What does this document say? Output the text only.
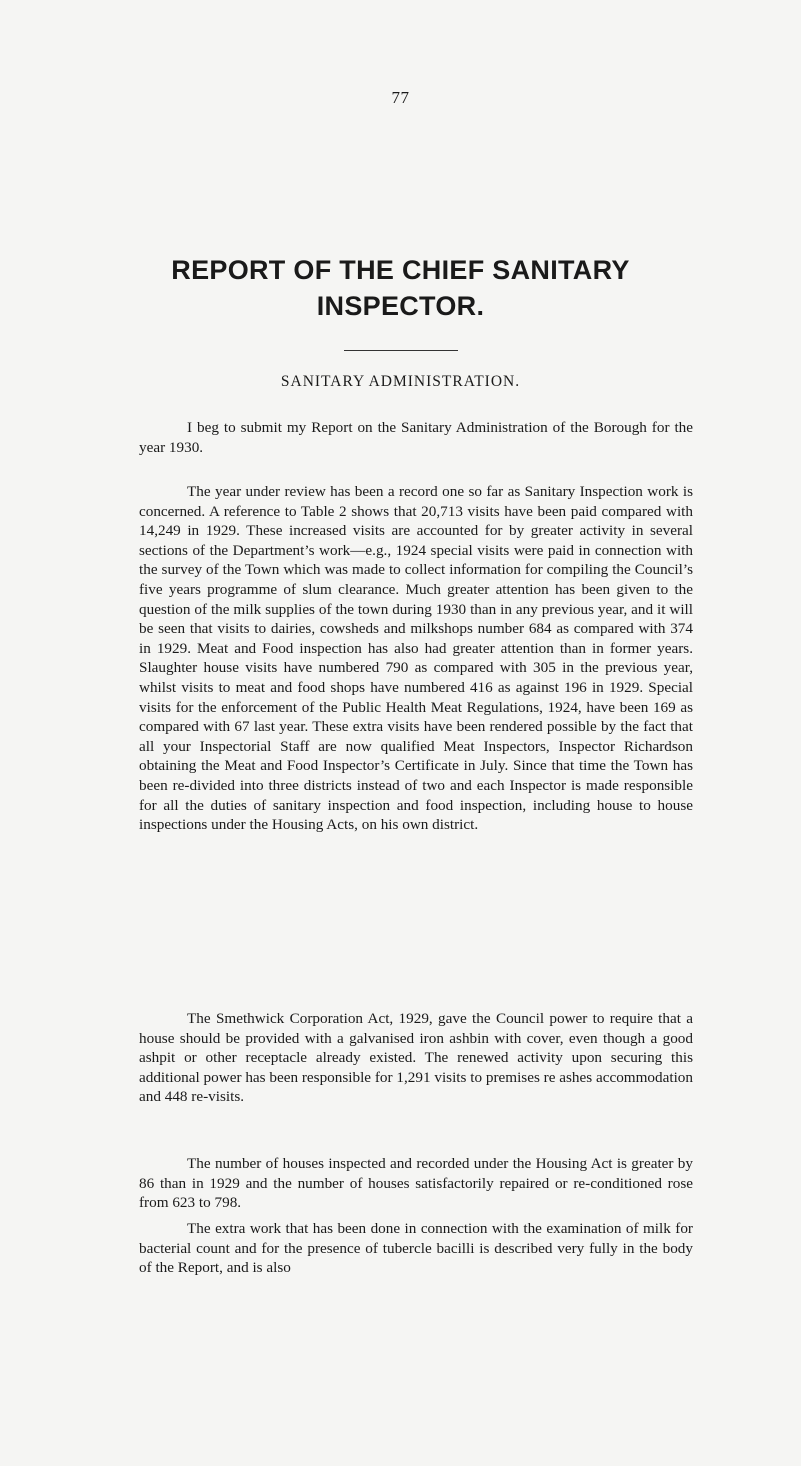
77
REPORT OF THE CHIEF SANITARY
INSPECTOR.
SANITARY ADMINISTRATION.

I beg to submit my Report on the Sanitary Administration of the Borough for the year 1930.

The year under review has been a record one so far as Sanitary Inspection work is concerned. A reference to Table 2 shows that 20,713 visits have been paid compared with 14,249 in 1929. These increased visits are accounted for by greater activity in several sections of the Department’s work—e.g., 1924 special visits were paid in connection with the survey of the Town which was made to collect information for compiling the Council’s five years programme of slum clearance. Much greater attention has been given to the question of the milk supplies of the town during 1930 than in any previous year, and it will be seen that visits to dairies, cowsheds and milkshops number 684 as compared with 374 in 1929. Meat and Food inspection has also had greater attention than in former years. Slaughter house visits have numbered 790 as compared with 305 in the previous year, whilst visits to meat and food shops have numbered 416 as against 196 in 1929. Special visits for the enforcement of the Public Health Meat Regulations, 1924, have been 169 as compared with 67 last year. These extra visits have been rendered possible by the fact that all your Inspectorial Staff are now qualified Meat Inspectors, Inspector Richardson obtaining the Meat and Food Inspector’s Certificate in July. Since that time the Town has been re-divided into three districts instead of two and each Inspector is made responsible for all the duties of sanitary inspection and food inspection, including house to house inspections under the Housing Acts, on his own district.

The Smethwick Corporation Act, 1929, gave the Council power to require that a house should be provided with a galvanised iron ashbin with cover, even though a good ashpit or other receptacle already existed. The renewed activity upon securing this additional power has been responsible for 1,291 visits to premises re ashes accommodation and 448 re-visits.

The number of houses inspected and recorded under the Housing Act is greater by 86 than in 1929 and the number of houses satisfactorily repaired or re-conditioned rose from 623 to 798.

The extra work that has been done in connection with the examination of milk for bacterial count and for the presence of tubercle bacilli is described very fully in the body of the Report, and is also
